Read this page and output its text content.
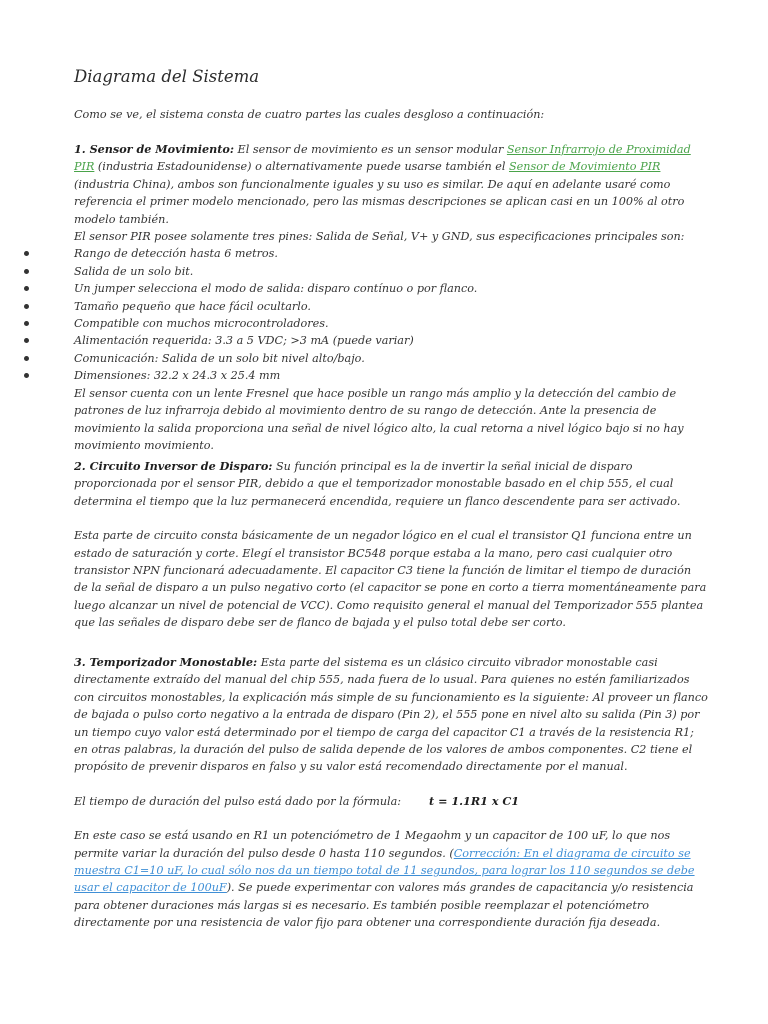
Diagrama del Sistema

Como se ve, el sistema consta de cuatro partes las cuales desgloso a continuación:

1. Sensor de Movimiento: El sensor de movimiento es un sensor modular Sensor Infrarrojo de Proximidad PIR (industria Estadounidense) o alternativamente puede usarse también el Sensor de Movimiento PIR (industria China), ambos son funcionalmente iguales y su uso es similar. De aquí en adelante usaré como referencia el primer modelo mencionado, pero las mismas descripciones se aplican casi en un 100% al otro modelo también.

El sensor PIR posee solamente tres pines: Salida de Señal, V+ y GND, sus especificaciones principales son:

Rango de detección hasta 6 metros.
Salida de un solo bit.
Un jumper selecciona el modo de salida: disparo contínuo o por flanco.
Tamaño pequeño que hace fácil ocultarlo.
Compatible con muchos microcontroladores.
Alimentación requerida: 3.3 a 5 VDC; >3 mA (puede variar)
Comunicación: Salida de un solo bit nivel alto/bajo.
Dimensiones: 32.2 x 24.3 x 25.4 mm

El sensor cuenta con un lente Fresnel que hace posible un rango más amplio y la detección del cambio de patrones de luz infrarroja debido al movimiento dentro de su rango de detección. Ante la presencia de movimiento la salida proporciona una señal de nivel lógico alto, la cual retorna a nivel lógico bajo si no hay movimiento movimiento.

2. Circuito Inversor de Disparo: Su función principal es la de invertir la señal inicial de disparo proporcionada por el sensor PIR, debido a que el temporizador monostable basado en el chip 555, el cual determina el tiempo que la luz permanecerá encendida, requiere un flanco descendente para ser activado.

Esta parte de circuito consta básicamente de un negador lógico en el cual el transistor Q1 funciona entre un estado de saturación y corte. Elegí el transistor BC548 porque estaba a la mano, pero casi cualquier otro transistor NPN funcionará adecuadamente. El capacitor C3 tiene la función de limitar el tiempo de duración de la señal de disparo a un pulso negativo corto (el capacitor se pone en corto a tierra momentáneamente para luego alcanzar un nivel de potencial de VCC). Como requisito general el manual del Temporizador 555 plantea que las señales de disparo debe ser de flanco de bajada y el pulso total debe ser corto.

3. Temporizador Monostable: Esta parte del sistema es un clásico circuito vibrador monostable casi directamente extraído del manual del chip 555, nada fuera de lo usual. Para quienes no estén familiarizados con circuitos monostables, la explicación más simple de su funcionamiento es la siguiente: Al proveer un flanco de bajada o pulso corto negativo a la entrada de disparo (Pin 2), el 555 pone en nivel alto su salida (Pin 3) por un tiempo cuyo valor está determinado por el tiempo de carga del capacitor C1 a través de la resistencia R1; en otras palabras, la duración del pulso de salida depende de los valores de ambos componentes. C2 tiene el propósito de prevenir disparos en falso y su valor está recomendado directamente por el manual.

El tiempo de duración del pulso está dado por la fórmula:	t = 1.1R1 x C1

En este caso se está usando en R1 un potenciómetro de 1 Megaohm y un capacitor de 100 uF, lo que nos permite variar la duración del pulso desde 0 hasta 110 segundos. (Corrección: En el diagrama de circuito se muestra C1=10 uF, lo cual sólo nos da un tiempo total de 11 segundos, para lograr los 110 segundos se debe usar el capacitor de 100uF). Se puede experimentar con valores más grandes de capacitancia y/o resistencia para obtener duraciones más largas si es necesario. Es también posible reemplazar el potenciómetro directamente por una resistencia de valor fijo para obtener una correspondiente duración fija deseada.
